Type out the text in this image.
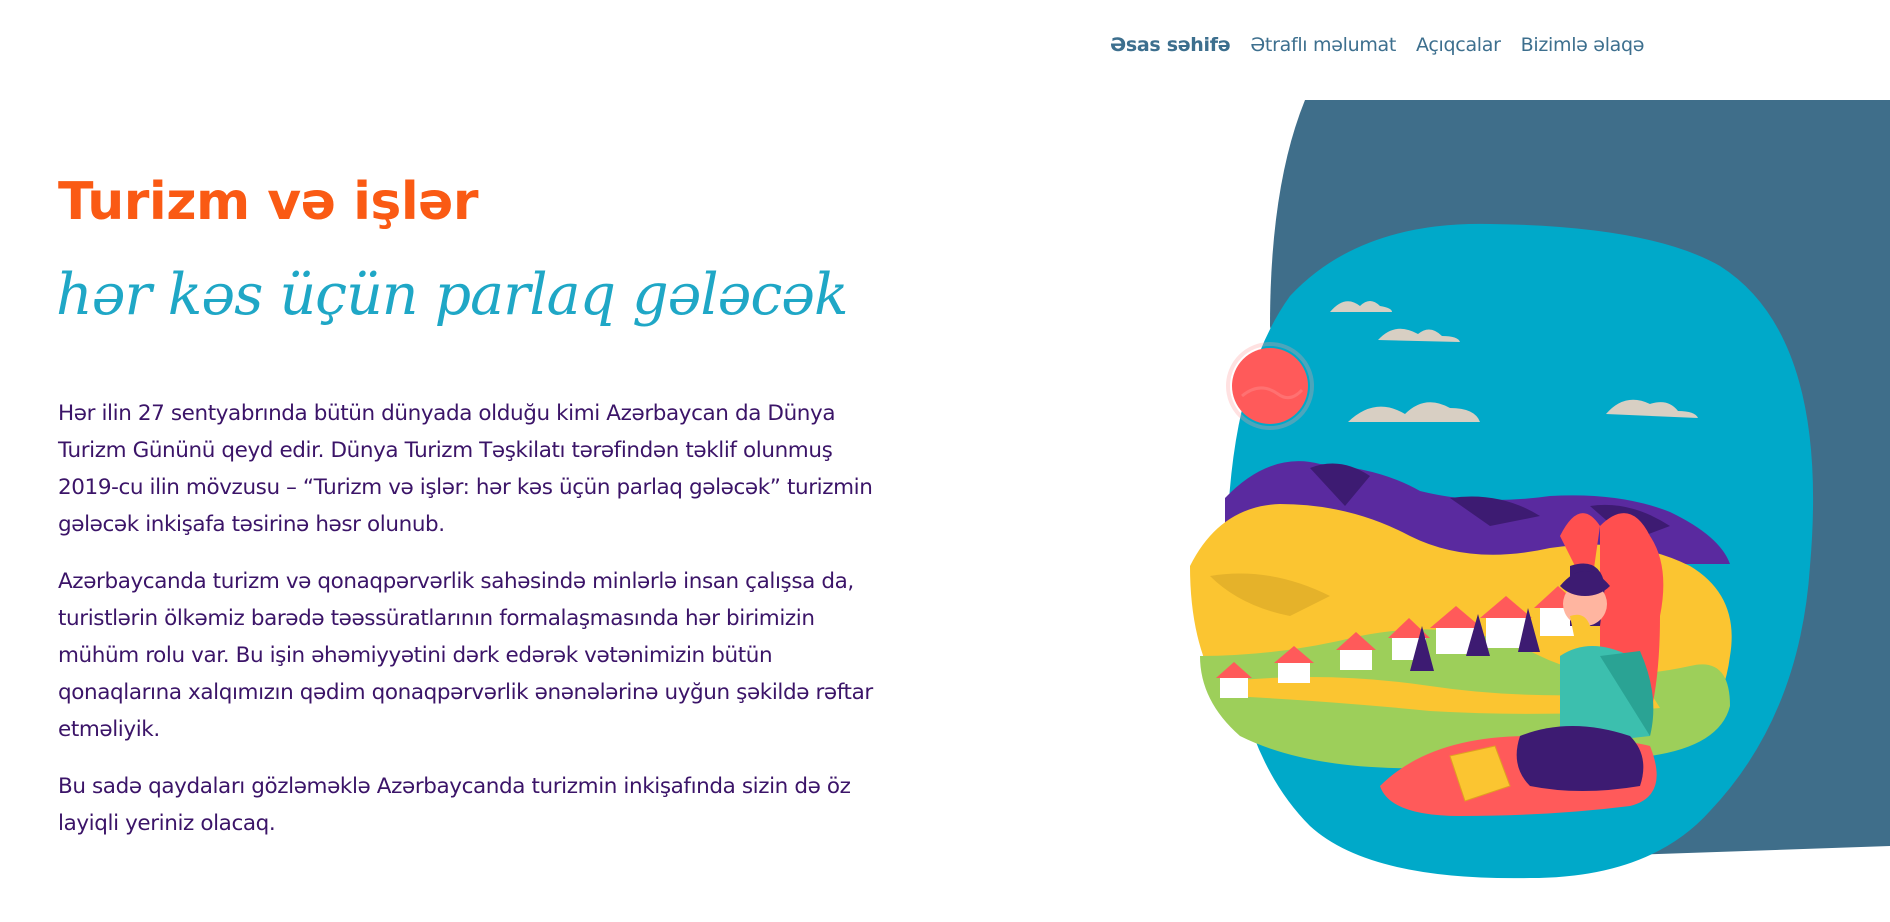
Əsas səhifə Ətraflı məlumat Açıqcalar Bizimlə əlaqə
Turizm və işlər
hər kəs üçün parlaq gələcək

Hər ilin 27 sentyabrında bütün dünyada olduğu kimi Azərbaycan da Dünya Turizm Gününü qeyd edir. Dünya Turizm Təşkilatı tərəfindən təklif olunmuş 2019-cu ilin mövzusu – “Turizm və işlər: hər kəs üçün parlaq gələcək” turizmin gələcək inkişafa təsirinə həsr olunub.

Azərbaycanda turizm və qonaqpərvərlik sahəsində minlərlə insan çalışsa da, turistlərin ölkəmiz barədə təəssüratlarının formalaşmasında hər birimizin mühüm rolu var. Bu işin əhəmiyyətini dərk edərək vətənimizin bütün qonaqlarına xalqımızın qədim qonaqpərvərlik ənənələrinə uyğun şəkildə rəftar etməliyik.

Bu sadə qaydaları gözləməklə Azərbaycanda turizmin inkişafında sizin də öz layiqli yeriniz olacaq.
